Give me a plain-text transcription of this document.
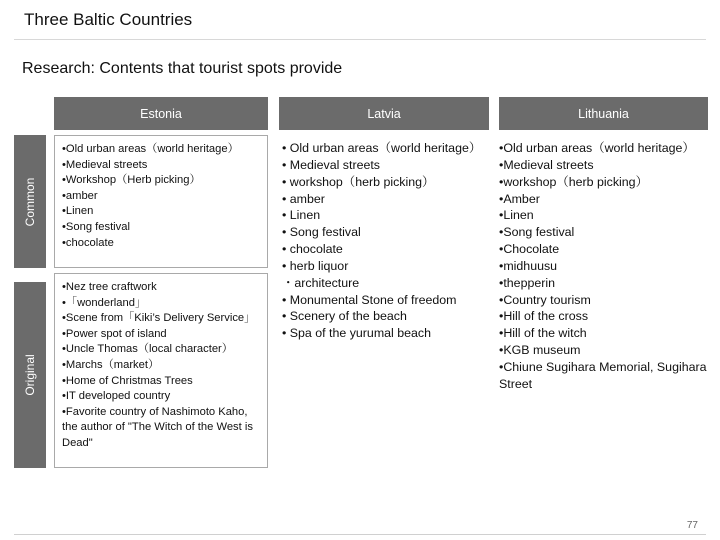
Three Baltic Countries
Research: Contents that tourist spots provide
Estonia	Latvia	Lithuania
Common
Original
•Old urban areas（world heritage）
•Medieval streets
•Workshop（Herb picking）
•amber
•Linen
•Song festival
•chocolate
•Nez tree craftwork
•「wonderland」
•Scene from「Kiki’s Delivery Service」
•Power spot of island
•Uncle Thomas（local character）
•Marchs（market）
•Home of Christmas Trees
•IT developed country
•Favorite country of Nashimoto Kaho, the author of "The Witch of the West is Dead"
• Old urban areas（world heritage）
• Medieval streets
• workshop（herb picking）
• amber
• Linen
• Song festival
• chocolate
• herb liquor
・architecture
• Monumental Stone of freedom
• Scenery of the beach
• Spa of the yurumal beach
•Old urban areas（world heritage）
•Medieval streets
•workshop（herb picking）
•Amber
•Linen
•Song festival
•Chocolate
•midhuusu
•thepperin
•Country tourism
•Hill of the cross
•Hill of the witch
•KGB museum
•Chiune Sugihara Memorial, Sugihara Street
77
